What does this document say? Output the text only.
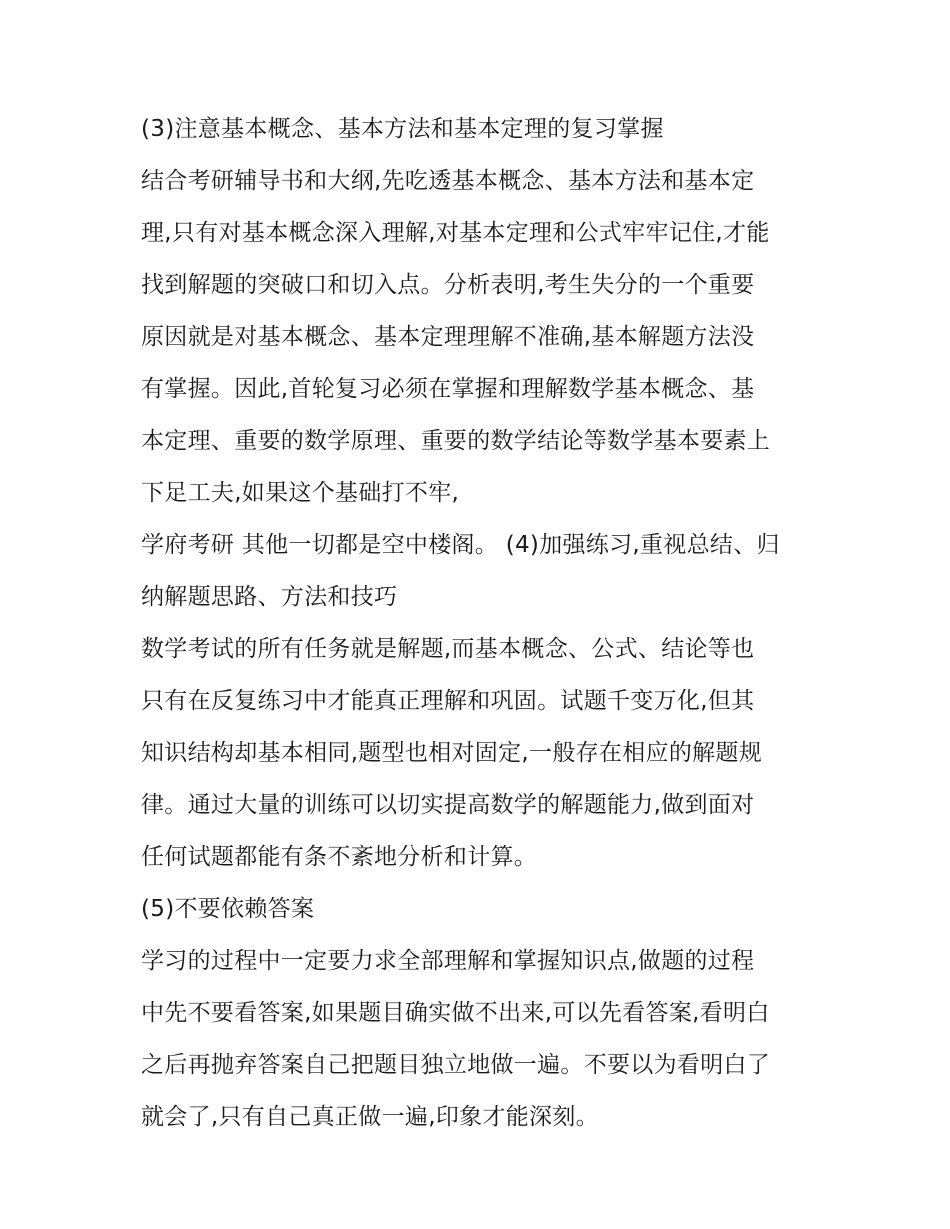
(3)注意基本概念、基本方法和基本定理的复习掌握
结合考研辅导书和大纲,先吃透基本概念、基本方法和基本定
理,只有对基本概念深入理解,对基本定理和公式牢牢记住,才能
找到解题的突破口和切入点。分析表明,考生失分的一个重要
原因就是对基本概念、基本定理理解不准确,基本解题方法没
有掌握。因此,首轮复习必须在掌握和理解数学基本概念、基
本定理、重要的数学原理、重要的数学结论等数学基本要素上
下足工夫,如果这个基础打不牢,
学府考研 其他一切都是空中楼阁。 (4)加强练习,重视总结、归
纳解题思路、方法和技巧
数学考试的所有任务就是解题,而基本概念、公式、结论等也
只有在反复练习中才能真正理解和巩固。试题千变万化,但其
知识结构却基本相同,题型也相对固定,一般存在相应的解题规
律。通过大量的训练可以切实提高数学的解题能力,做到面对
任何试题都能有条不紊地分析和计算。
(5)不要依赖答案
学习的过程中一定要力求全部理解和掌握知识点,做题的过程
中先不要看答案,如果题目确实做不出来,可以先看答案,看明白
之后再抛弃答案自己把题目独立地做一遍。不要以为看明白了
就会了,只有自己真正做一遍,印象才能深刻。
